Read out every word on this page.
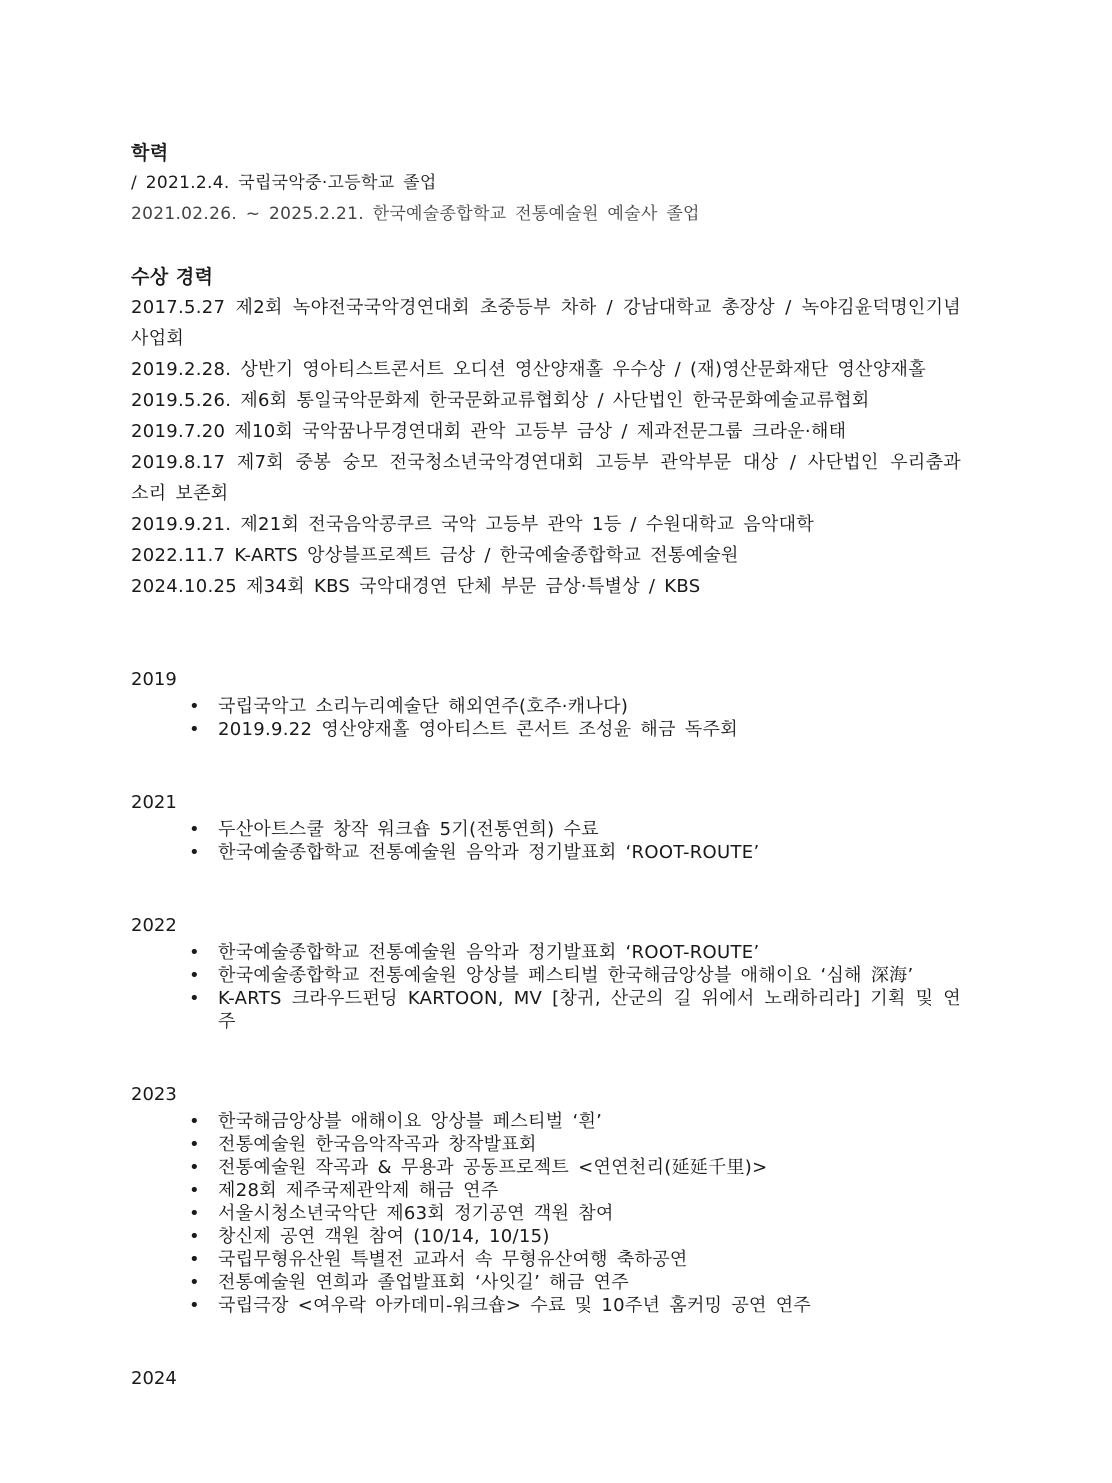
학력

/ 2021.2.4. 국립국악중·고등학교 졸업

2021.02.26. ~ 2025.2.21. 한국예술종합학교 전통예술원 예술사 졸업

수상 경력

2017.5.27 제2회 녹야전국국악경연대회 초중등부 차하 / 강남대학교 총장상 / 녹야김윤덕명인기념사업회

2019.2.28. 상반기 영아티스트콘서트 오디션 영산양재홀 우수상 / (재)영산문화재단 영산양재홀

2019.5.26. 제6회 통일국악문화제 한국문화교류협회상 / 사단법인 한국문화예술교류협회

2019.7.20 제10회 국악꿈나무경연대회 관악 고등부 금상 / 제과전문그룹 크라운·해태

2019.8.17 제7회 중봉 숭모 전국청소년국악경연대회 고등부 관악부문 대상 / 사단법인 우리춤과 소리 보존회

2019.9.21. 제21회 전국음악콩쿠르 국악 고등부 관악 1등 / 수원대학교 음악대학

2022.11.7 K-ARTS 앙상블프로젝트 금상 / 한국예술종합학교 전통예술원

2024.10.25 제34회 KBS 국악대경연 단체 부문 금상·특별상 / KBS

2019

• 국립국악고 소리누리예술단 해외연주(호주·캐나다)
• 2019.9.22 영산양재홀 영아티스트 콘서트 조성윤 해금 독주회

2021

• 두산아트스쿨 창작 워크숍 5기(전통연희) 수료
• 한국예술종합학교 전통예술원 음악과 정기발표회 ‘ROOT-ROUTE’

2022

• 한국예술종합학교 전통예술원 음악과 정기발표회 ‘ROOT-ROUTE’
• 한국예술종합학교 전통예술원 앙상블 페스티벌 한국해금앙상블 애해이요 ‘심해 深海’
• K-ARTS 크라우드펀딩 KARTOON, MV [창귀, 산군의 길 위에서 노래하리라] 기획 및 연주

2023

• 한국해금앙상블 애해이요 앙상블 페스티벌 ‘흰’
• 전통예술원 한국음악작곡과 창작발표회
• 전통예술원 작곡과 & 무용과 공동프로젝트 <연연천리(延延千里)>
• 제28회 제주국제관악제 해금 연주
• 서울시청소년국악단 제63회 정기공연 객원 참여
• 창신제 공연 객원 참여 (10/14, 10/15)
• 국립무형유산원 특별전 교과서 속 무형유산여행 축하공연
• 전통예술원 연희과 졸업발표회 ‘사잇길’ 해금 연주
• 국립극장 <여우락 아카데미-워크숍> 수료 및 10주년 홈커밍 공연 연주

2024
